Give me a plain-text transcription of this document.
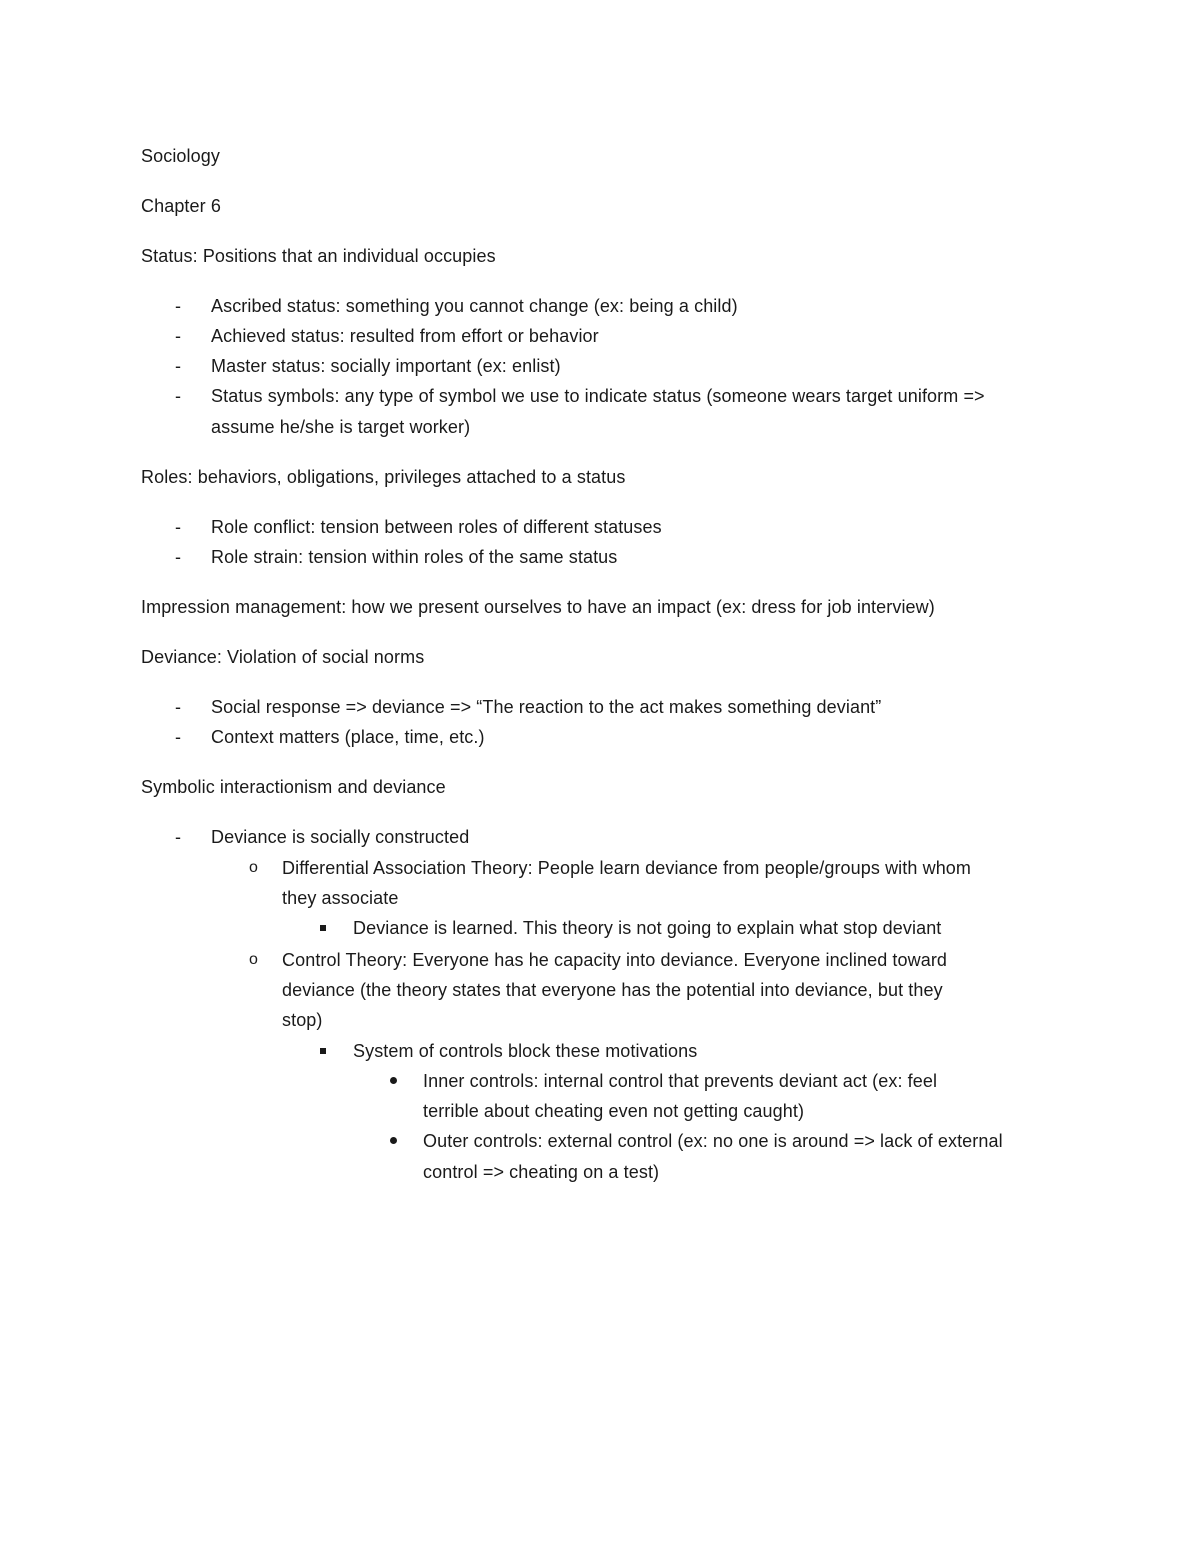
Sociology
Chapter 6
Status: Positions that an individual occupies
- Ascribed status: something you cannot change (ex: being a child)
- Achieved status: resulted from effort or behavior
- Master status: socially important (ex: enlist)
- Status symbols: any type of symbol we use to indicate status (someone wears target uniform =>
assume he/she is target worker)
Roles: behaviors, obligations, privileges attached to a status
- Role conflict: tension between roles of different statuses
- Role strain: tension within roles of the same status
Impression management: how we present ourselves to have an impact (ex: dress for job interview)
Deviance: Violation of social norms
- Social response => deviance => “The reaction to the act makes something deviant”
- Context matters (place, time, etc.)
Symbolic interactionism and deviance
- Deviance is socially constructed
o Differential Association Theory: People learn deviance from people/groups with whom
they associate
Deviance is learned. This theory is not going to explain what stop deviant
o Control Theory: Everyone has he capacity into deviance. Everyone inclined toward
deviance (the theory states that everyone has the potential into deviance, but they
stop)
System of controls block these motivations
Inner controls: internal control that prevents deviant act (ex: feel
terrible about cheating even not getting caught)
Outer controls: external control (ex: no one is around => lack of external
control => cheating on a test)
